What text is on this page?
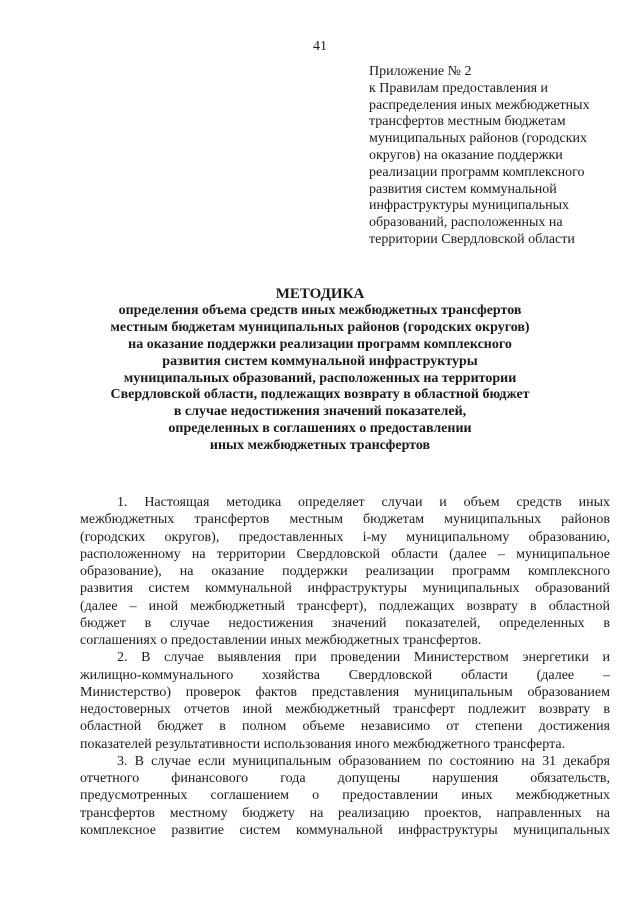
41
Приложение № 2
к Правилам предоставления и
распределения иных межбюджетных
трансфертов местным бюджетам
муниципальных районов (городских
округов) на оказание поддержки
реализации программ комплексного
развития систем коммунальной
инфраструктуры муниципальных
образований, расположенных на
территории Свердловской области
МЕТОДИКА
определения объема средств иных межбюджетных трансфертов
местным бюджетам муниципальных районов (городских округов)
на оказание поддержки реализации программ комплексного
развития систем коммунальной инфраструктуры
муниципальных образований, расположенных на территории
Свердловской области, подлежащих возврату в областной бюджет
в случае недостижения значений показателей,
определенных в соглашениях о предоставлении
иных межбюджетных трансфертов
1. Настоящая методика определяет случаи и объем средств иных
межбюджетных трансфертов местным бюджетам муниципальных районов
(городских округов), предоставленных i-му муниципальному образованию,
расположенному на территории Свердловской области (далее – муниципальное
образование), на оказание поддержки реализации программ комплексного
развития систем коммунальной инфраструктуры муниципальных образований
(далее – иной межбюджетный трансферт), подлежащих возврату в областной
бюджет в случае недостижения значений показателей, определенных в
соглашениях о предоставлении иных межбюджетных трансфертов.
2. В случае выявления при проведении Министерством энергетики и
жилищно-коммунального хозяйства Свердловской области (далее –
Министерство) проверок фактов представления муниципальным образованием
недостоверных отчетов иной межбюджетный трансферт подлежит возврату в
областной бюджет в полном объеме независимо от степени достижения
показателей результативности использования иного межбюджетного трансферта.
3. В случае если муниципальным образованием по состоянию на 31 декабря
отчетного финансового года допущены нарушения обязательств,
предусмотренных соглашением о предоставлении иных межбюджетных
трансфертов местному бюджету на реализацию проектов, направленных на
комплексное развитие систем коммунальной инфраструктуры муниципальных
